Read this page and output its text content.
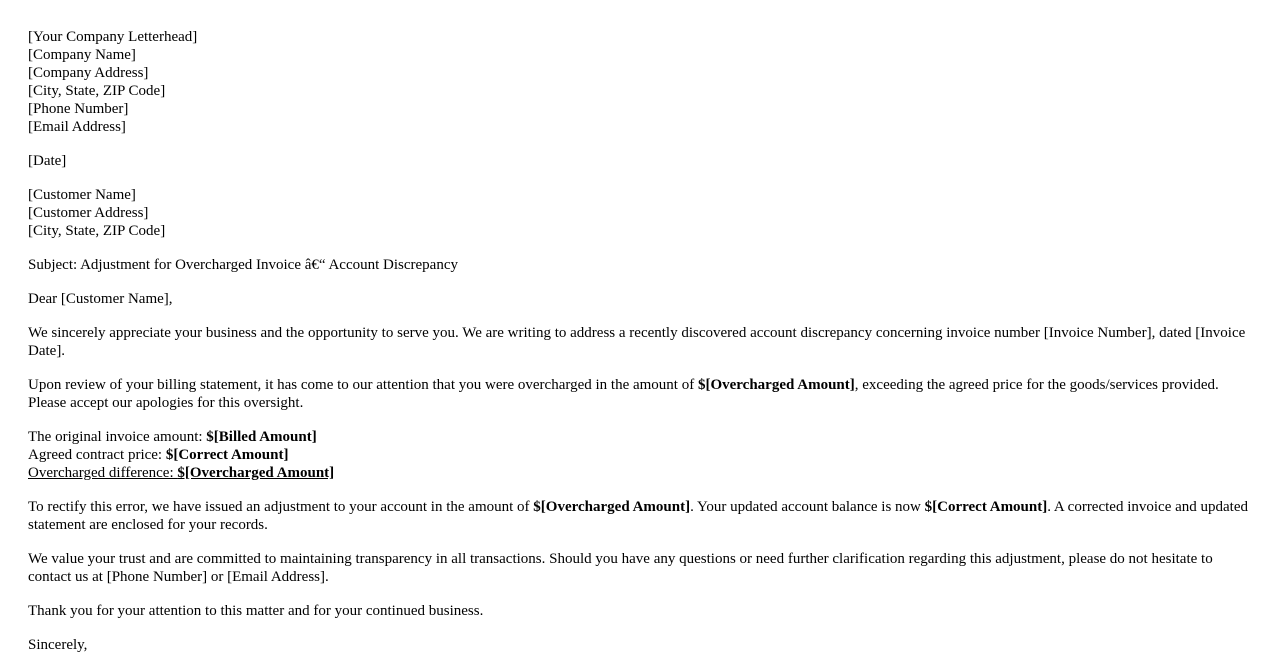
[Your Company Letterhead]
[Company Name]
[Company Address]
[City, State, ZIP Code]
[Phone Number]
[Email Address]
[Date]
[Customer Name]
[Customer Address]
[City, State, ZIP Code]

Subject: Adjustment for Overcharged Invoice â€“ Account Discrepancy

Dear [Customer Name],

We sincerely appreciate your business and the opportunity to serve you. We are writing to address a recently discovered account discrepancy concerning invoice number [Invoice Number], dated [Invoice Date].

Upon review of your billing statement, it has come to our attention that you were overcharged in the amount of $[Overcharged Amount], exceeding the agreed price for the goods/services provided. Please accept our apologies for this oversight.

The original invoice amount: $[Billed Amount]
Agreed contract price: $[Correct Amount]
Overcharged difference: $[Overcharged Amount]

To rectify this error, we have issued an adjustment to your account in the amount of $[Overcharged Amount]. Your updated account balance is now $[Correct Amount]. A corrected invoice and updated statement are enclosed for your records.

We value your trust and are committed to maintaining transparency in all transactions. Should you have any questions or need further clarification regarding this adjustment, please do not hesitate to contact us at [Phone Number] or [Email Address].

Thank you for your attention to this matter and for your continued business.

Sincerely,
